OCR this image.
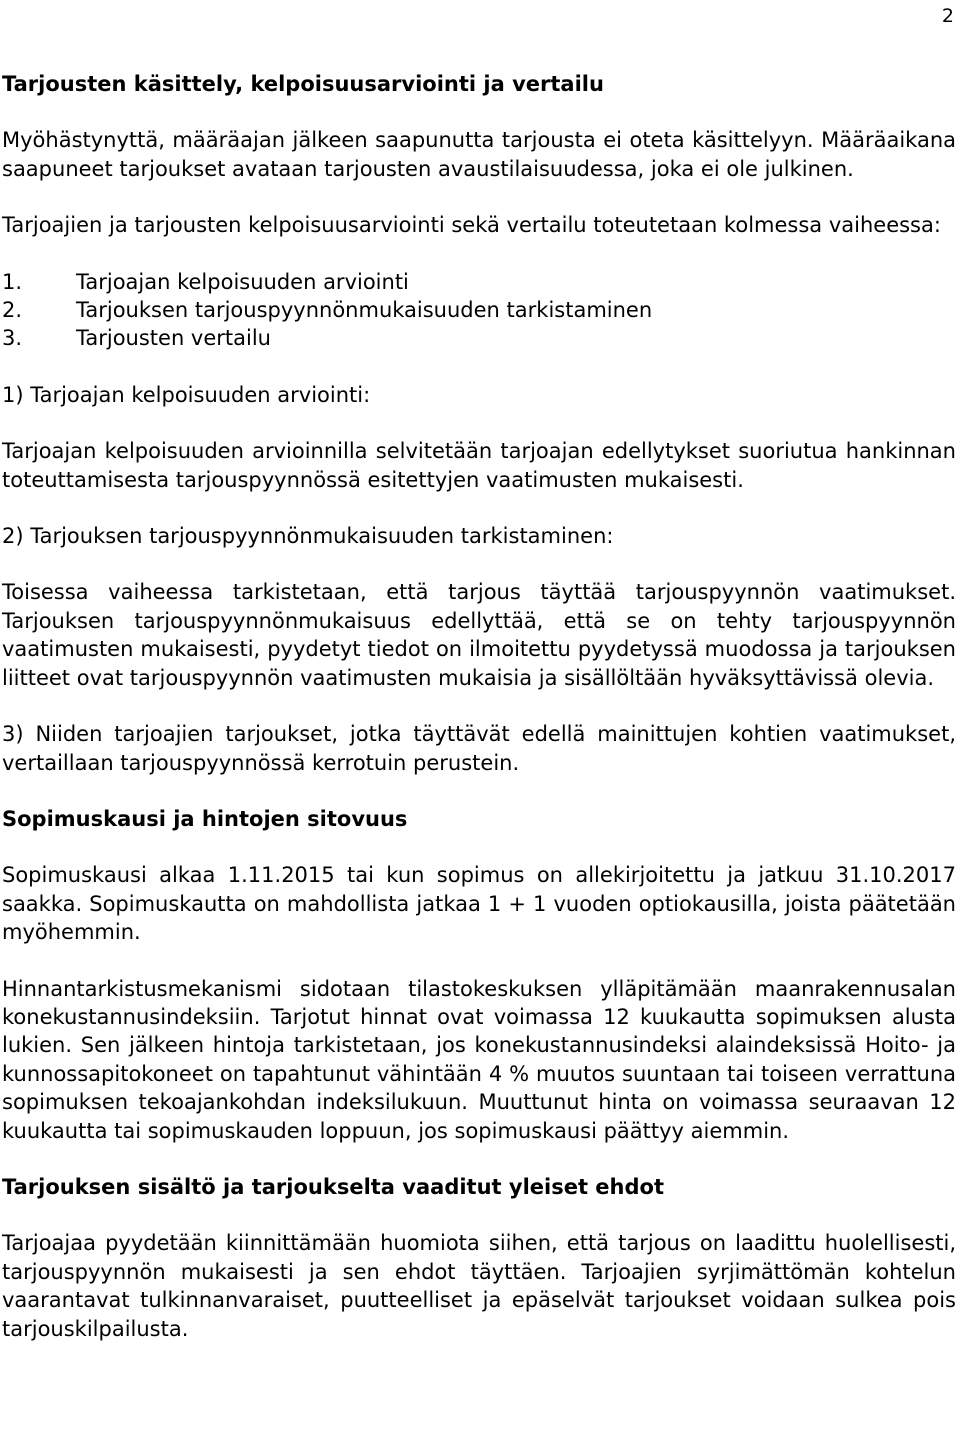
2
Tarjousten käsittely, kelpoisuusarviointi ja vertailu

Myöhästynyttä, määräajan jälkeen saapunutta tarjousta ei oteta käsittelyyn. Määräaikana saapuneet tarjoukset avataan tarjousten avaustilaisuudessa, joka ei ole julkinen.

Tarjoajien ja tarjousten kelpoisuusarviointi sekä vertailu toteutetaan kolmessa vaiheessa:

1.	Tarjoajan kelpoisuuden arviointi
2.	Tarjouksen tarjouspyynnönmukaisuuden tarkistaminen
3.	Tarjousten vertailu

1) Tarjoajan kelpoisuuden arviointi:

Tarjoajan kelpoisuuden arvioinnilla selvitetään tarjoajan edellytykset suoriutua hankinnan toteuttamisesta tarjouspyynnössä esitettyjen vaatimusten mukaisesti.

2) Tarjouksen tarjouspyynnönmukaisuuden tarkistaminen:

Toisessa vaiheessa tarkistetaan, että tarjous täyttää tarjouspyynnön vaatimukset. Tarjouksen tarjouspyynnönmukaisuus edellyttää, että se on tehty tarjouspyynnön vaatimusten mukaisesti, pyydetyt tiedot on ilmoitettu pyydetyssä muodossa ja tarjouksen liitteet ovat tarjouspyynnön vaatimusten mukaisia ja sisällöltään hyväksyttävissä olevia.

3) Niiden tarjoajien tarjoukset, jotka täyttävät edellä mainittujen kohtien vaatimukset, vertaillaan tarjouspyynnössä kerrotuin perustein.

Sopimuskausi ja hintojen sitovuus

Sopimuskausi alkaa 1.11.2015 tai kun sopimus on allekirjoitettu ja jatkuu 31.10.2017 saakka. Sopimuskautta on mahdollista jatkaa 1 + 1 vuoden optiokausilla, joista päätetään myöhemmin.

Hinnantarkistusmekanismi sidotaan tilastokeskuksen ylläpitämään maanrakennusalan konekustannusindeksiin. Tarjotut hinnat ovat voimassa 12 kuukautta sopimuksen alusta lukien. Sen jälkeen hintoja tarkistetaan, jos konekustannusindeksi alaindeksissä Hoito- ja kunnossapitokoneet on tapahtunut vähintään 4 % muutos suuntaan tai toiseen verrattuna sopimuksen tekoajankohdan indeksilukuun. Muuttunut hinta on voimassa seuraavan 12 kuukautta tai sopimuskauden loppuun, jos sopimuskausi päättyy aiemmin.

Tarjouksen sisältö ja tarjoukselta vaaditut yleiset ehdot

Tarjoajaa pyydetään kiinnittämään huomiota siihen, että tarjous on laadittu huolellisesti, tarjouspyynnön mukaisesti ja sen ehdot täyttäen. Tarjoajien syrjimättömän kohtelun vaarantavat tulkinnanvaraiset, puutteelliset ja epäselvät tarjoukset voidaan sulkea pois tarjouskilpailusta.
